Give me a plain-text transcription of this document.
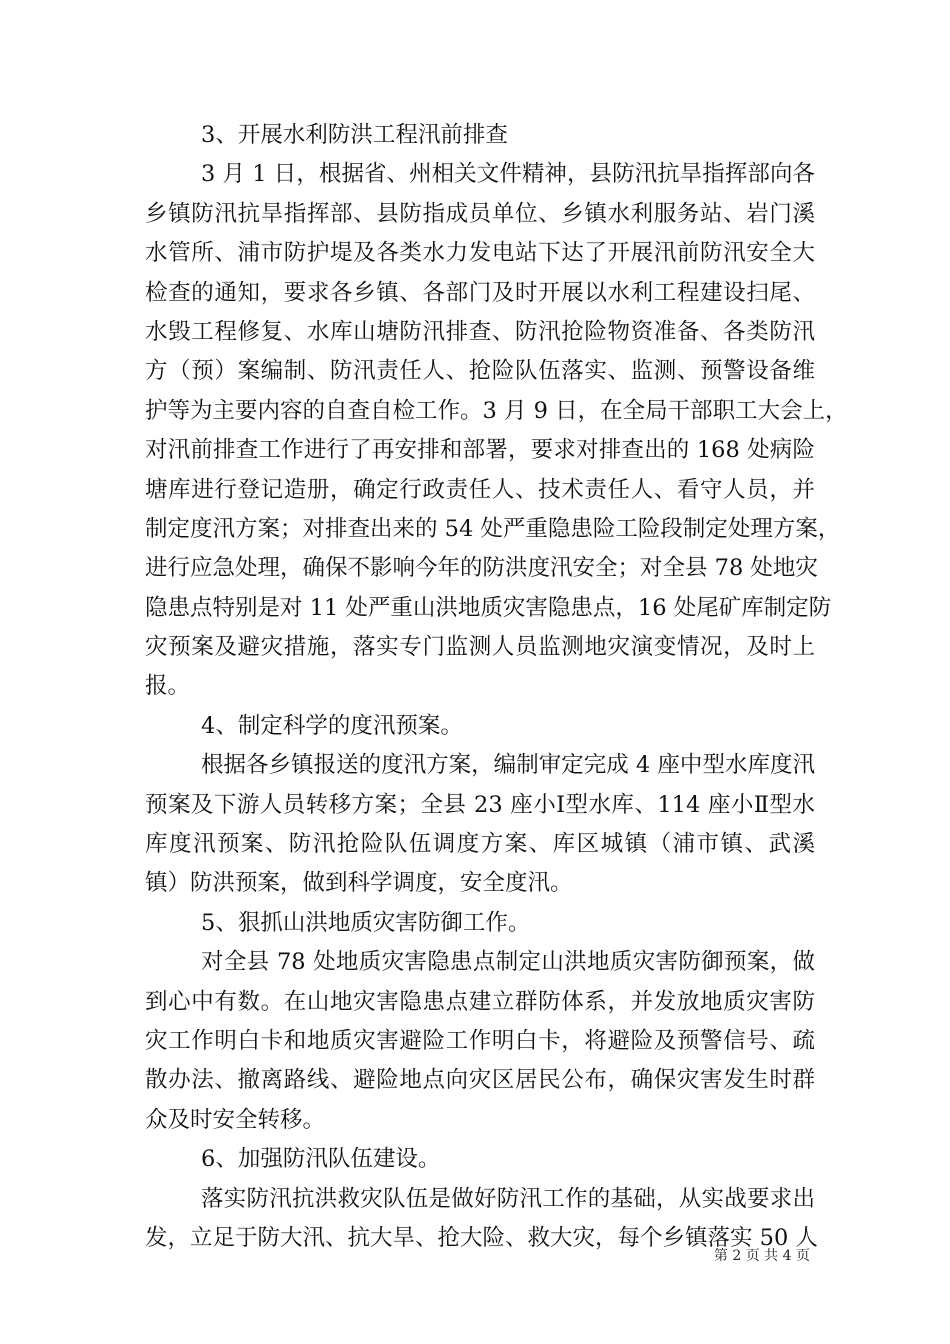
3、开展水利防洪工程汛前排查
3 月 1 日，根据省、州相关文件精神，县防汛抗旱指挥部向各
乡镇防汛抗旱指挥部、县防指成员单位、乡镇水利服务站、岩门溪
水管所、浦市防护堤及各类水力发电站下达了开展汛前防汛安全大
检查的通知，要求各乡镇、各部门及时开展以水利工程建设扫尾、
水毁工程修复、水库山塘防汛排查、防汛抢险物资准备、各类防汛
方（预）案编制、防汛责任人、抢险队伍落实、监测、预警设备维
护等为主要内容的自查自检工作。3 月 9 日，在全局干部职工大会上，
对汛前排查工作进行了再安排和部署，要求对排查出的 168 处病险
塘库进行登记造册，确定行政责任人、技术责任人、看守人员，并
制定度汛方案；对排查出来的 54 处严重隐患险工险段制定处理方案，
进行应急处理，确保不影响今年的防洪度汛安全；对全县 78 处地灾
隐患点特别是对 11 处严重山洪地质灾害隐患点，16 处尾矿库制定防
灾预案及避灾措施，落实专门监测人员监测地灾演变情况，及时上
报。
4、制定科学的度汛预案。
根据各乡镇报送的度汛方案，编制审定完成 4 座中型水库度汛
预案及下游人员转移方案；全县 23 座小Ⅰ型水库、114 座小Ⅱ型水
库度汛预案、防汛抢险队伍调度方案、库区城镇（浦市镇、武溪
镇）防洪预案，做到科学调度，安全度汛。
5、狠抓山洪地质灾害防御工作。
对全县 78 处地质灾害隐患点制定山洪地质灾害防御预案，做
到心中有数。在山地灾害隐患点建立群防体系，并发放地质灾害防
灾工作明白卡和地质灾害避险工作明白卡，将避险及预警信号、疏
散办法、撤离路线、避险地点向灾区居民公布，确保灾害发生时群
众及时安全转移。
6、加强防汛队伍建设。
落实防汛抗洪救灾队伍是做好防汛工作的基础，从实战要求出
发，立足于防大汛、抗大旱、抢大险、救大灾，每个乡镇落实 50 人
第 2 页 共 4 页
